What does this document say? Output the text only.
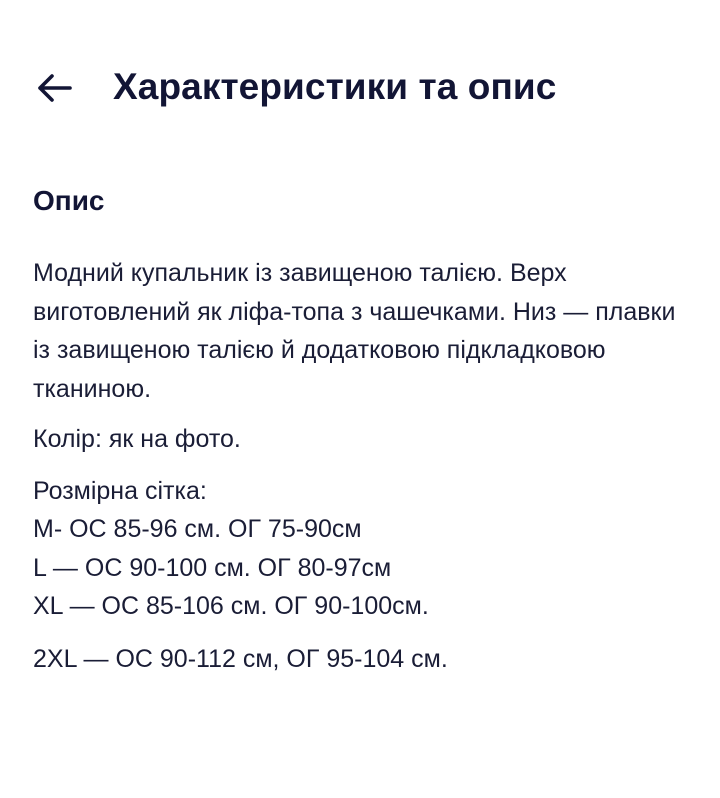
Характеристики та опис
Опис

Модний купальник із завищеною талією. Верх виготовлений як ліфа-топа з чашечками. Низ — плавки із завищеною талією й додатковою підкладковою тканиною.

Колір: як на фото.

Розмірна сітка:
M- ОС 85-96 см. ОГ 75-90см
L — ОС 90-100 см. ОГ 80-97см
XL — ОС 85-106 см. ОГ 90-100см.

2XL — ОС 90-112 см, ОГ 95-104 см.
